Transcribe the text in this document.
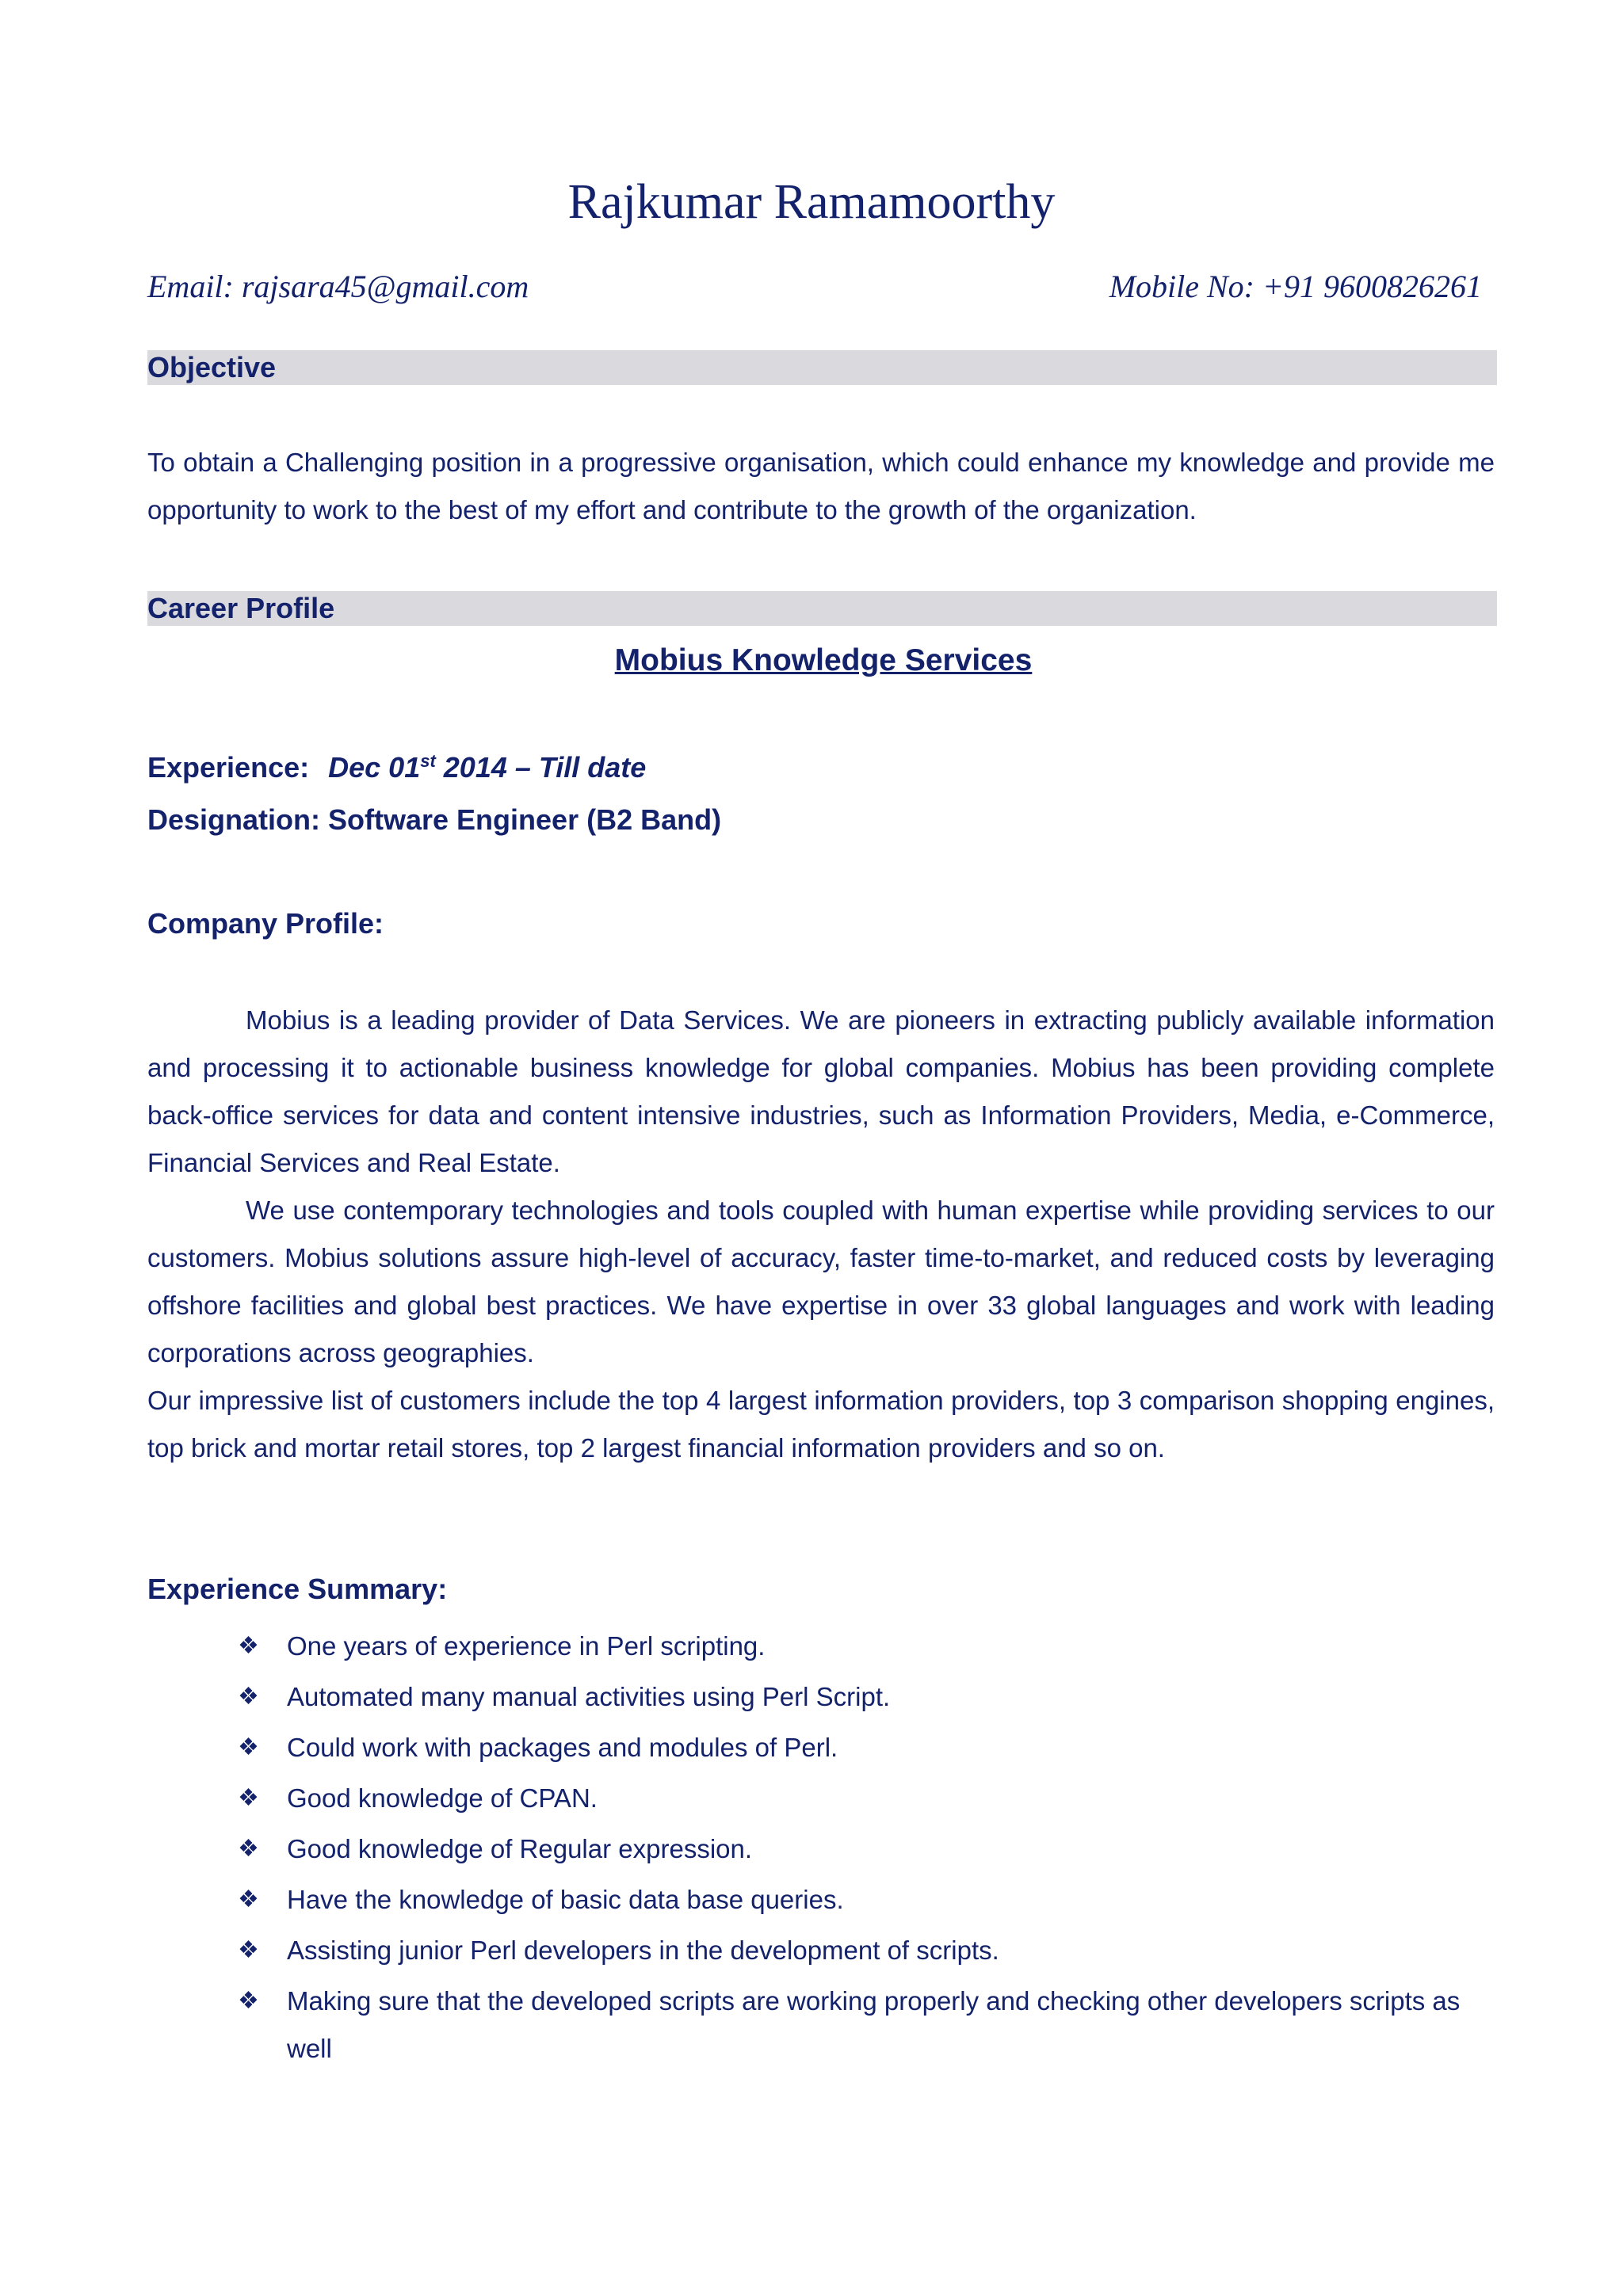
Rajkumar Ramamoorthy
Email: rajsara45@gmail.com	Mobile No: +91 9600826261
Objective
To obtain a Challenging position in a progressive organisation, which could enhance my knowledge and provide me opportunity to work to the best of my effort and contribute to the growth of the organization.
Career Profile
Mobius Knowledge Services
Experience: Dec 01st 2014 – Till date
Designation: Software Engineer (B2 Band)
Company Profile:
Mobius is a leading provider of Data Services. We are pioneers in extracting publicly available information and processing it to actionable business knowledge for global companies. Mobius has been providing complete back-office services for data and content intensive industries, such as Information Providers, Media, e-Commerce, Financial Services and Real Estate.
We use contemporary technologies and tools coupled with human expertise while providing services to our customers. Mobius solutions assure high-level of accuracy, faster time-to-market, and reduced costs by leveraging offshore facilities and global best practices. We have expertise in over 33 global languages and work with leading corporations across geographies.
Our impressive list of customers include the top 4 largest information providers, top 3 comparison shopping engines, top brick and mortar retail stores, top 2 largest financial information providers and so on.
Experience Summary:
❖ One years of experience in Perl scripting.
❖ Automated many manual activities using Perl Script.
❖ Could work with packages and modules of Perl.
❖ Good knowledge of CPAN.
❖ Good knowledge of Regular expression.
❖ Have the knowledge of basic data base queries.
❖ Assisting junior Perl developers in the development of scripts.
❖ Making sure that the developed scripts are working properly and checking other developers scripts as well
